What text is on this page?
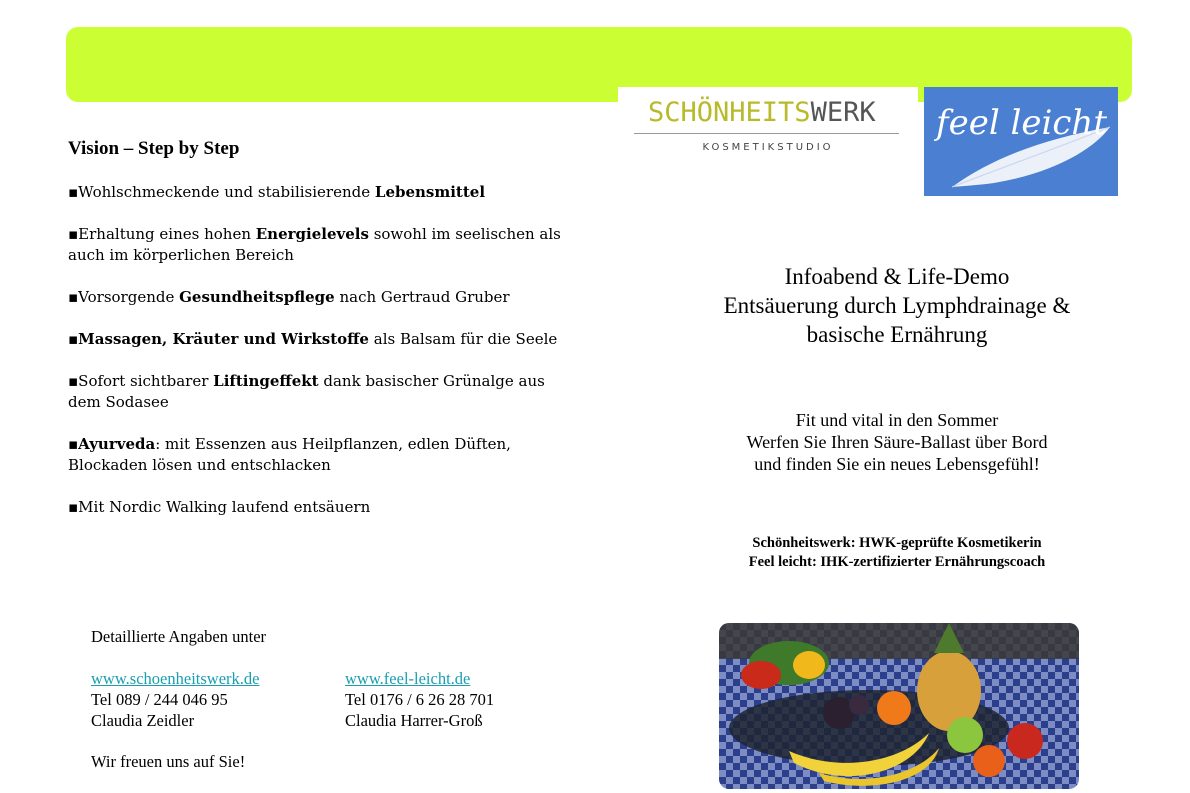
SCHÖNHEITSWERK
KOSMETIKSTUDIO
feel leicht
Vision – Step by Step
▪Wohlschmeckende und stabilisierende Lebensmittel
▪Erhaltung eines hohen Energielevels sowohl im seelischen als auch im körperlichen Bereich
▪Vorsorgende Gesundheitspflege nach Gertraud Gruber
▪Massagen, Kräuter und Wirkstoffe als Balsam für die Seele
▪Sofort sichtbarer Liftingeffekt dank basischer Grünalge aus dem Sodasee
▪Ayurveda: mit Essenzen aus Heilpflanzen, edlen Düften, Blockaden lösen und entschlacken
▪Mit Nordic Walking laufend entsäuern
Infoabend & Life-Demo
Entsäuerung durch Lymphdrainage &
basische Ernährung
Fit und vital in den Sommer
Werfen Sie Ihren Säure-Ballast über Bord
und finden Sie ein neues Lebensgefühl!
Schönheitswerk: HWK-geprüfte Kosmetikerin
Feel leicht: IHK-zertifizierter Ernährungscoach
Detaillierte Angaben unter
www.schoenheitswerk.de
Tel 089 / 244 046 95
Claudia Zeidler
www.feel-leicht.de
Tel 0176 / 6 26 28 701
Claudia Harrer-Groß
Wir freuen uns auf Sie!
